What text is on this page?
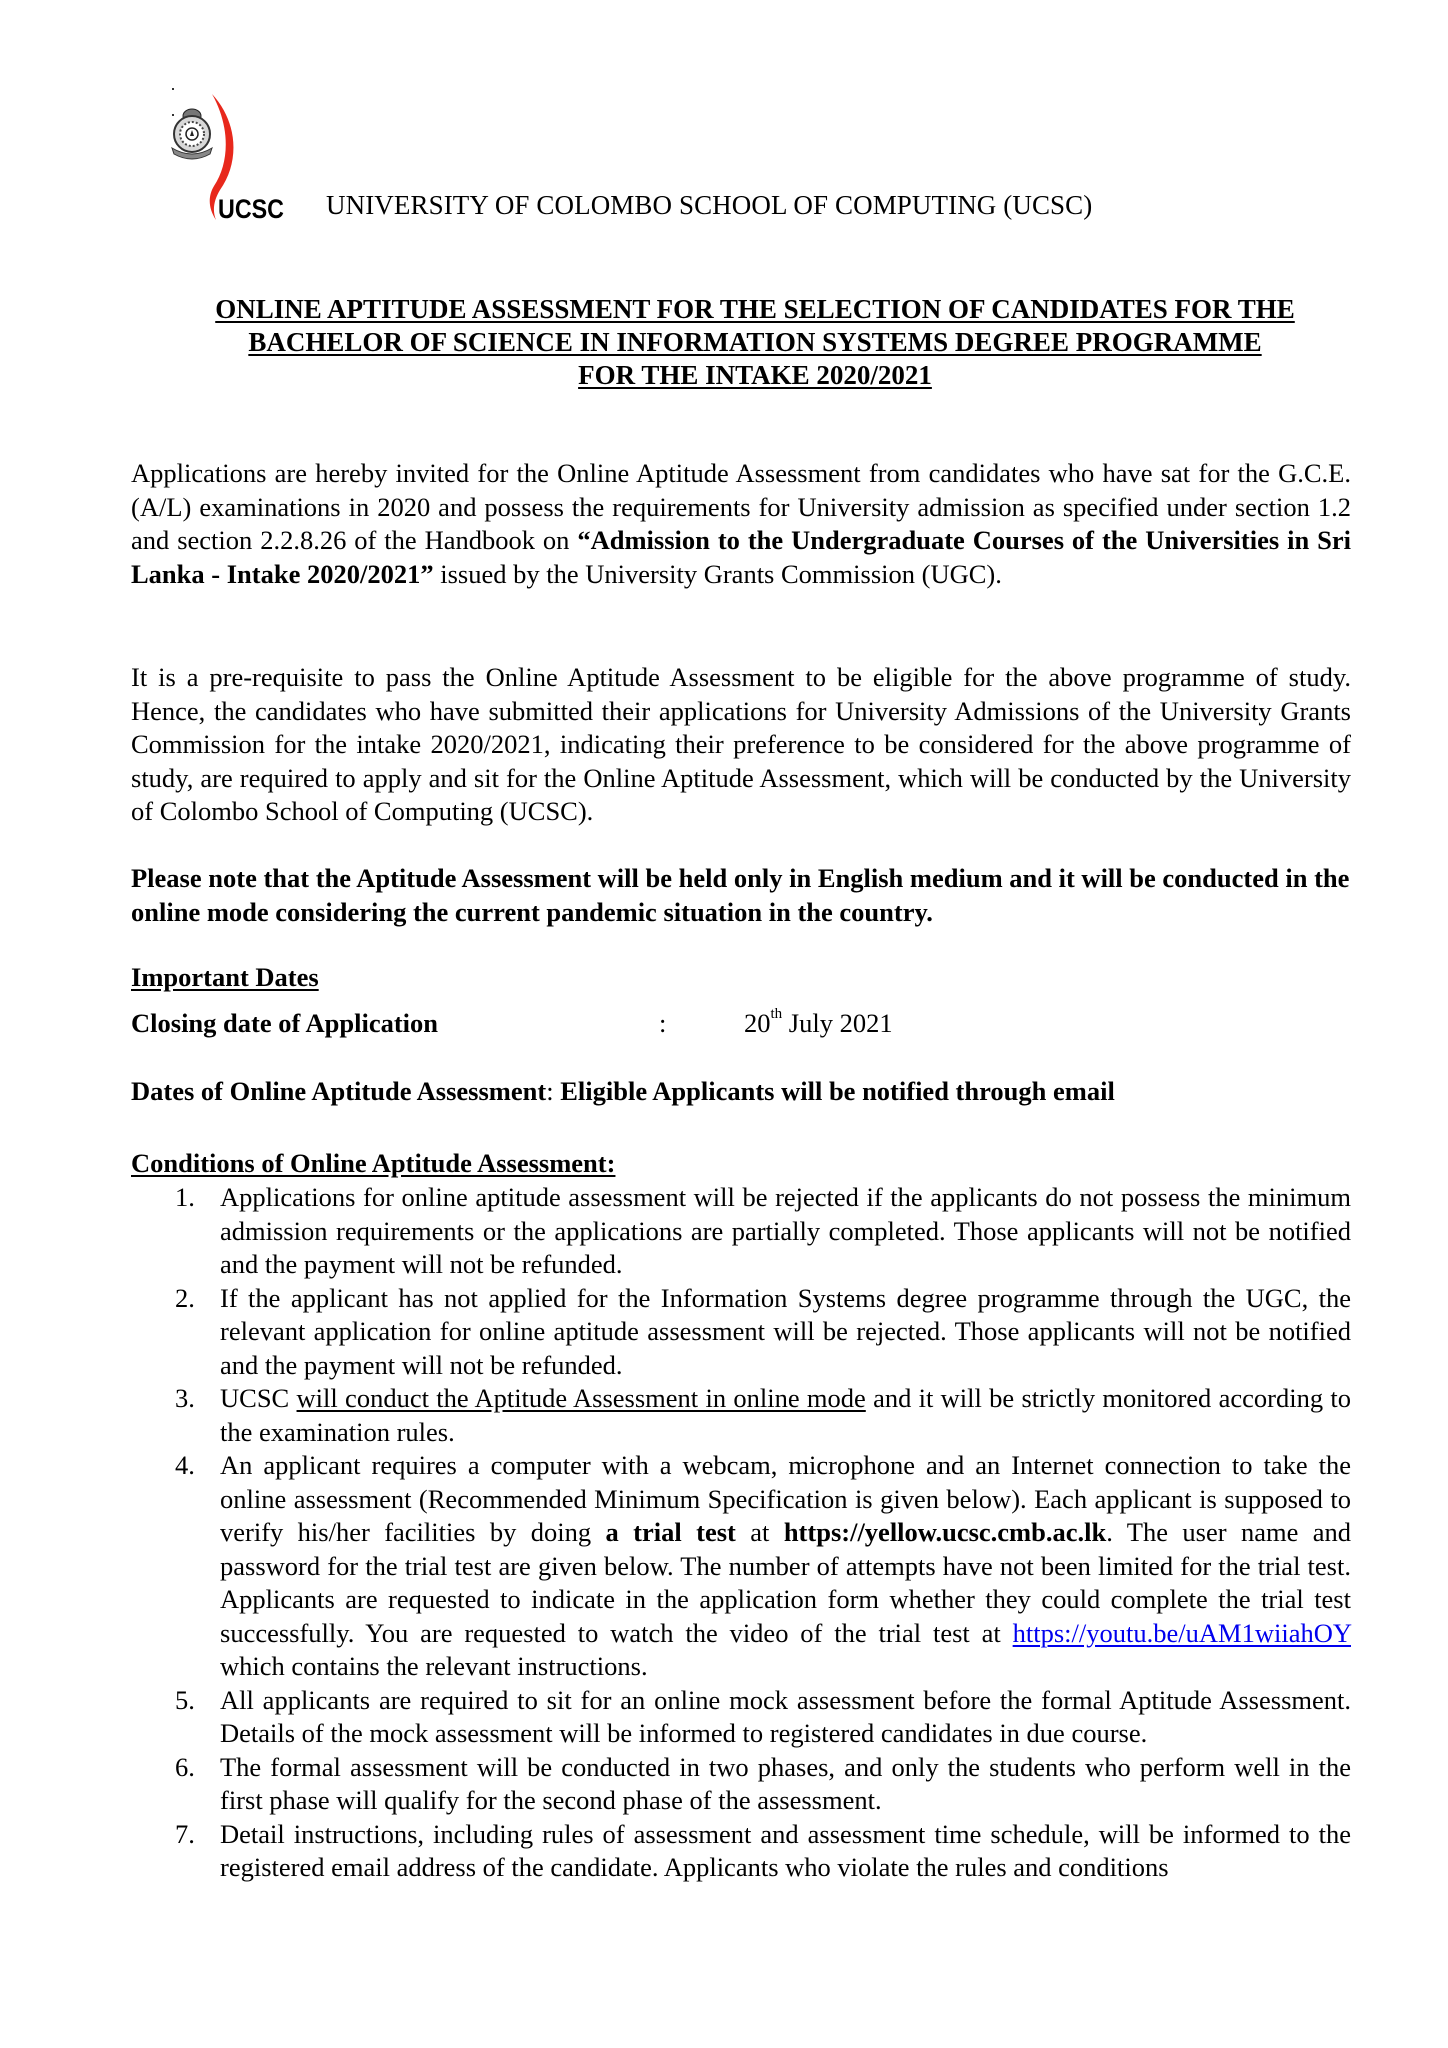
UCSC UNIVERSITY OF COLOMBO SCHOOL OF COMPUTING (UCSC)
ONLINE APTITUDE ASSESSMENT FOR THE SELECTION OF CANDIDATES FOR THE
BACHELOR OF SCIENCE IN INFORMATION SYSTEMS DEGREE PROGRAMME
FOR THE INTAKE 2020/2021
Applications are hereby invited for the Online Aptitude Assessment from candidates who have sat for the G.C.E. (A/L) examinations in 2020 and possess the requirements for University admission as specified under section 1.2 and section 2.2.8.26 of the Handbook on “Admission to the Undergraduate Courses of the Universities in Sri Lanka - Intake 2020/2021” issued by the University Grants Commission (UGC).
It is a pre-requisite to pass the Online Aptitude Assessment to be eligible for the above programme of study. Hence, the candidates who have submitted their applications for University Admissions of the University Grants Commission for the intake 2020/2021, indicating their preference to be considered for the above programme of study, are required to apply and sit for the Online Aptitude Assessment, which will be conducted by the University of Colombo School of Computing (UCSC).
Please note that the Aptitude Assessment will be held only in English medium and it will be conducted in the online mode considering the current pandemic situation in the country.
Important Dates
Closing date of Application	:	20th July 2021
Dates of Online Aptitude Assessment: Eligible Applicants will be notified through email
Conditions of Online Aptitude Assessment:
1. Applications for online aptitude assessment will be rejected if the applicants do not possess the minimum admission requirements or the applications are partially completed. Those applicants will not be notified and the payment will not be refunded.
2. If the applicant has not applied for the Information Systems degree programme through the UGC, the relevant application for online aptitude assessment will be rejected. Those applicants will not be notified and the payment will not be refunded.
3. UCSC will conduct the Aptitude Assessment in online mode and it will be strictly monitored according to the examination rules.
4. An applicant requires a computer with a webcam, microphone and an Internet connection to take the online assessment (Recommended Minimum Specification is given below). Each applicant is supposed to verify his/her facilities by doing a trial test at https://yellow.ucsc.cmb.ac.lk. The user name and password for the trial test are given below. The number of attempts have not been limited for the trial test. Applicants are requested to indicate in the application form whether they could complete the trial test successfully. You are requested to watch the video of the trial test at https://youtu.be/uAM1wiiahOY which contains the relevant instructions.
5. All applicants are required to sit for an online mock assessment before the formal Aptitude Assessment. Details of the mock assessment will be informed to registered candidates in due course.
6. The formal assessment will be conducted in two phases, and only the students who perform well in the first phase will qualify for the second phase of the assessment.
7. Detail instructions, including rules of assessment and assessment time schedule, will be informed to the registered email address of the candidate. Applicants who violate the rules and conditions
